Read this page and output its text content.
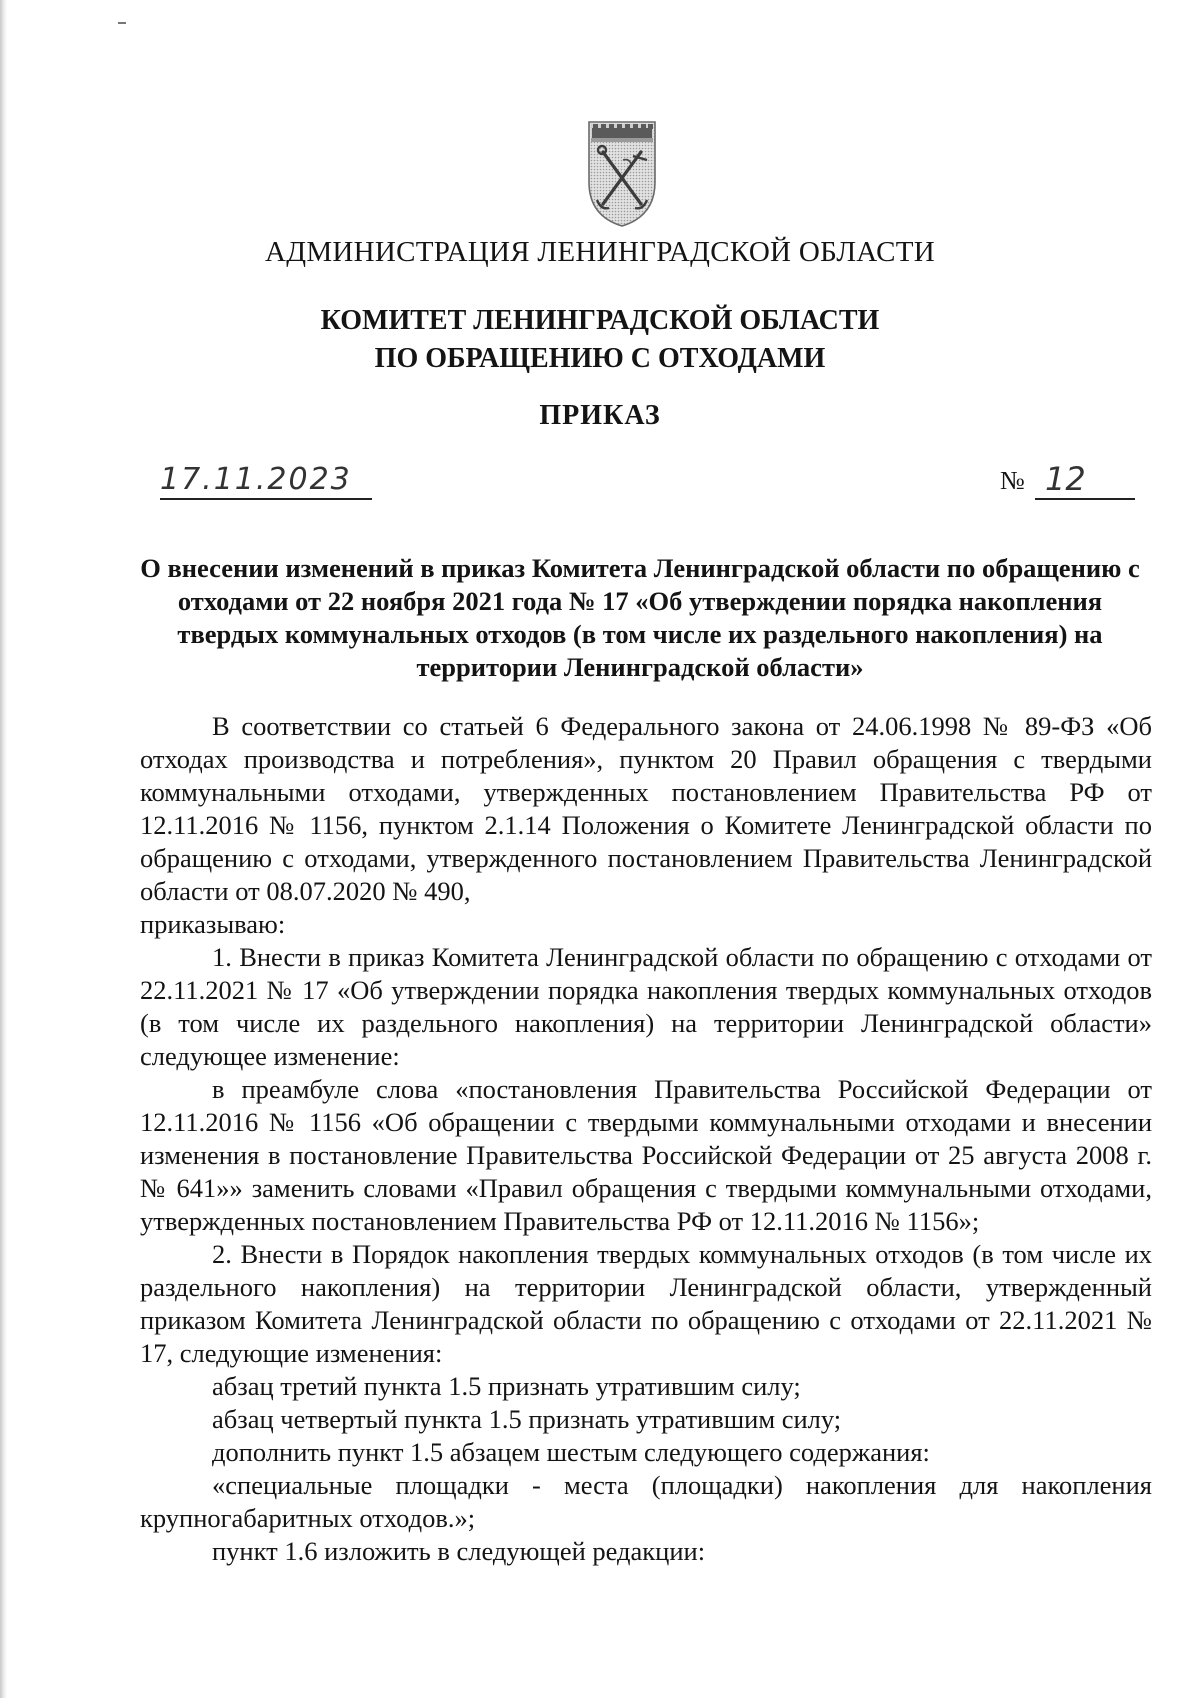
АДМИНИСТРАЦИЯ ЛЕНИНГРАДСКОЙ ОБЛАСТИ
КОМИТЕТ ЛЕНИНГРАДСКОЙ ОБЛАСТИ
ПО ОБРАЩЕНИЮ С ОТХОДАМИ
ПРИКАЗ
17.11.2023	№ 12
О внесении изменений в приказ Комитета Ленинградской области по обращению с отходами от 22 ноября 2021 года № 17 «Об утверждении порядка накопления твердых коммунальных отходов (в том числе их раздельного накопления) на территории Ленинградской области»

В соответствии со статьей 6 Федерального закона от 24.06.1998 № 89-ФЗ «Об отходах производства и потребления», пунктом 20 Правил обращения с твердыми коммунальными отходами, утвержденных постановлением Правительства РФ от 12.11.2016 № 1156, пунктом 2.1.14 Положения о Комитете Ленинградской области по обращению с отходами, утвержденного постановлением Правительства Ленинградской области от 08.07.2020 № 490,

приказываю:

1. Внести в приказ Комитета Ленинградской области по обращению с отходами от 22.11.2021 № 17 «Об утверждении порядка накопления твердых коммунальных отходов (в том числе их раздельного накопления) на территории Ленинградской области» следующее изменение:

в преамбуле слова «постановления Правительства Российской Федерации от 12.11.2016 № 1156 «Об обращении с твердыми коммунальными отходами и внесении изменения в постановление Правительства Российской Федерации от 25 августа 2008 г. № 641»» заменить словами «Правил обращения с твердыми коммунальными отходами, утвержденных постановлением Правительства РФ от 12.11.2016 № 1156»;

2. Внести в Порядок накопления твердых коммунальных отходов (в том числе их раздельного накопления) на территории Ленинградской области, утвержденный приказом Комитета Ленинградской области по обращению с отходами от 22.11.2021 № 17, следующие изменения:

абзац третий пункта 1.5 признать утратившим силу;

абзац четвертый пункта 1.5 признать утратившим силу;

дополнить пункт 1.5 абзацем шестым следующего содержания:

«специальные площадки - места (площадки) накопления для накопления крупногабаритных отходов.»;

пункт 1.6 изложить в следующей редакции:
